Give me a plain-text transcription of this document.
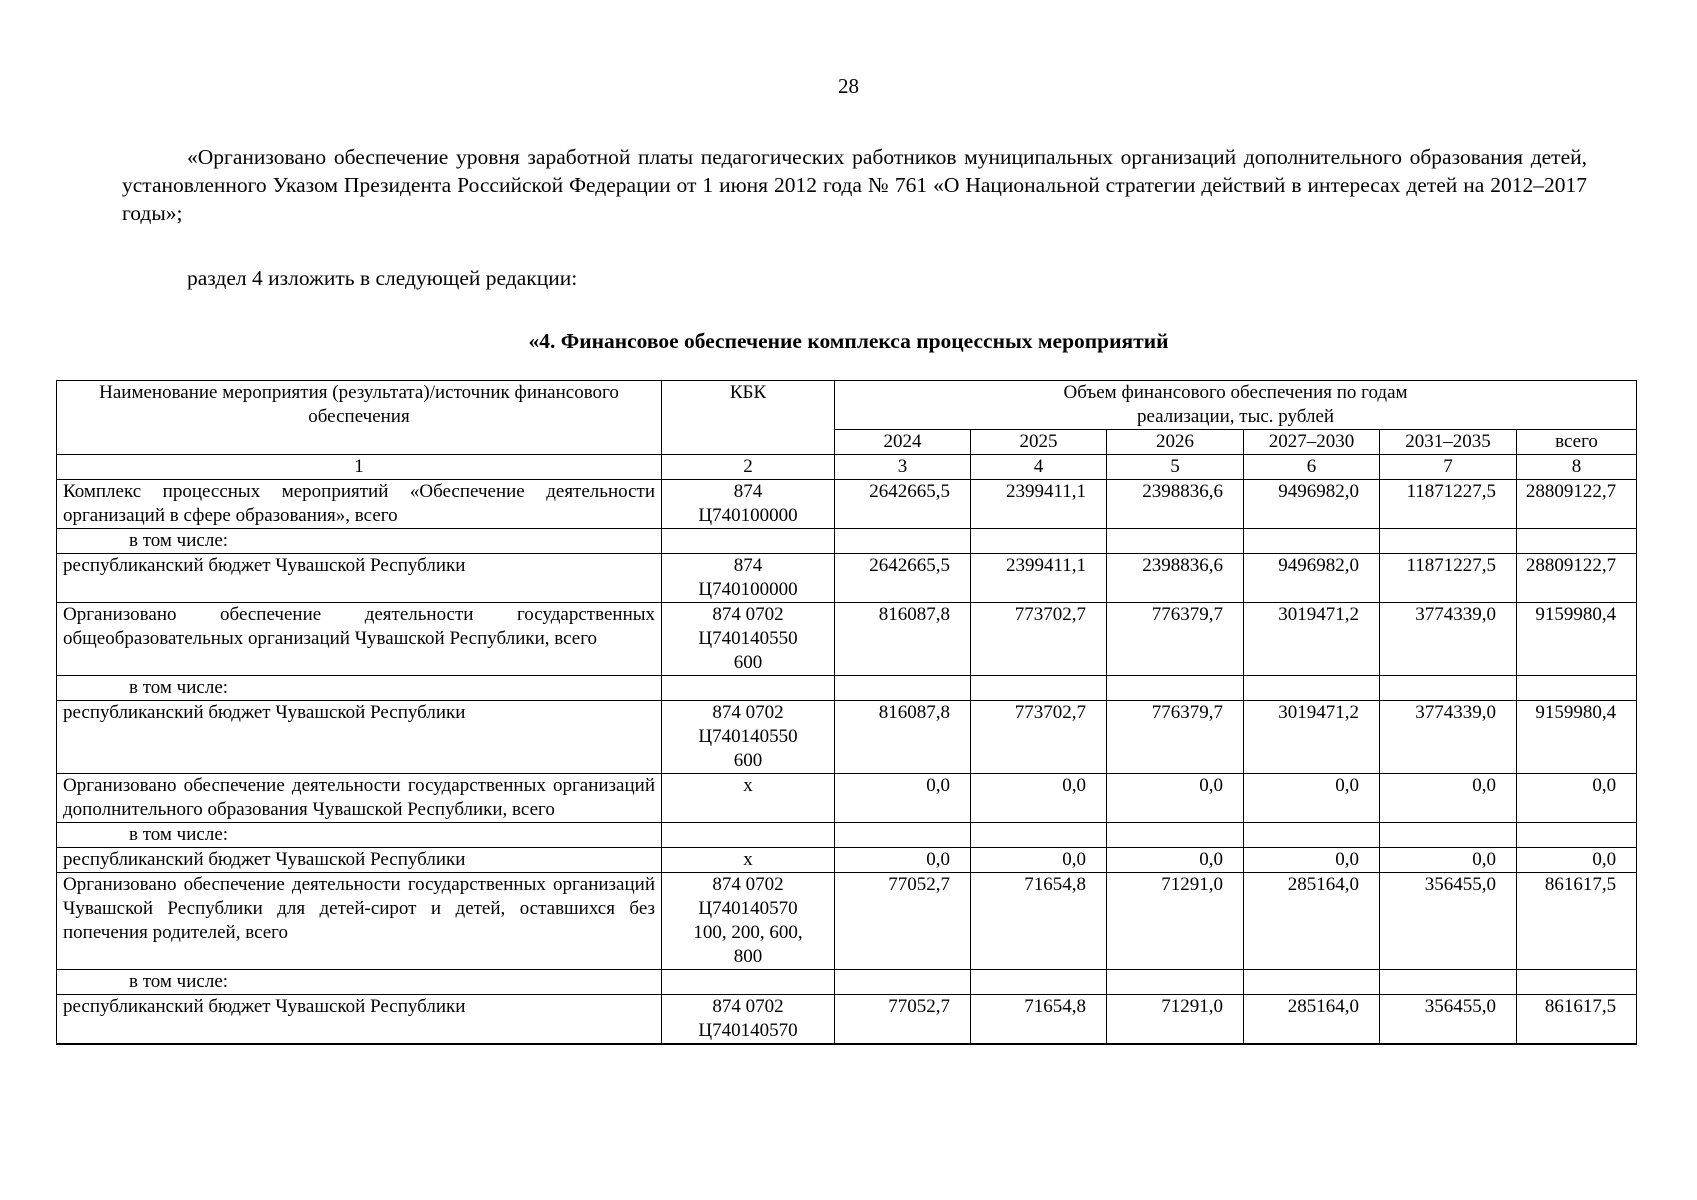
28

«Организовано обеспечение уровня заработной платы педагогических работников муниципальных организаций дополнительного образования детей, установленного Указом Президента Российской Федерации от 1 июня 2012 года № 761 «О Национальной стратегии действий в интересах детей на 2012–2017 годы»;

раздел 4 изложить в следующей редакции:

«4. Финансовое обеспечение комплекса процессных мероприятий

Наименование мероприятия (результата)/источник финансового обеспечения	КБК	Объем финансового обеспечения по годам реализации, тыс. рублей					
		2024	2025	2026	2027–2030	2031–2035	всего
1	2	3	4	5	6	7	8
Комплекс процессных мероприятий «Обеспечение деятельности организаций в сфере образования», всего	874
Ц740100000	2642665,5	2399411,1	2398836,6	9496982,0	11871227,5	28809122,7
в том числе:							
республиканский бюджет Чувашской Республики	874
Ц740100000	2642665,5	2399411,1	2398836,6	9496982,0	11871227,5	28809122,7
Организовано обеспечение деятельности государственных общеобразовательных организаций Чувашской Республики, всего	874 0702
Ц740140550
600	816087,8	773702,7	776379,7	3019471,2	3774339,0	9159980,4
в том числе:							
республиканский бюджет Чувашской Республики	874 0702
Ц740140550
600	816087,8	773702,7	776379,7	3019471,2	3774339,0	9159980,4
Организовано обеспечение деятельности государственных организаций дополнительного образования Чувашской Республики, всего	х	0,0	0,0	0,0	0,0	0,0	0,0
в том числе:							
республиканский бюджет Чувашской Республики	х	0,0	0,0	0,0	0,0	0,0	0,0
Организовано обеспечение деятельности государственных организаций Чувашской Республики для детей-сирот и детей, оставшихся без попечения родителей, всего	874 0702
Ц740140570
100, 200, 600,
800	77052,7	71654,8	71291,0	285164,0	356455,0	861617,5
в том числе:							
республиканский бюджет Чувашской Республики	874 0702
Ц740140570	77052,7	71654,8	71291,0	285164,0	356455,0	861617,5
